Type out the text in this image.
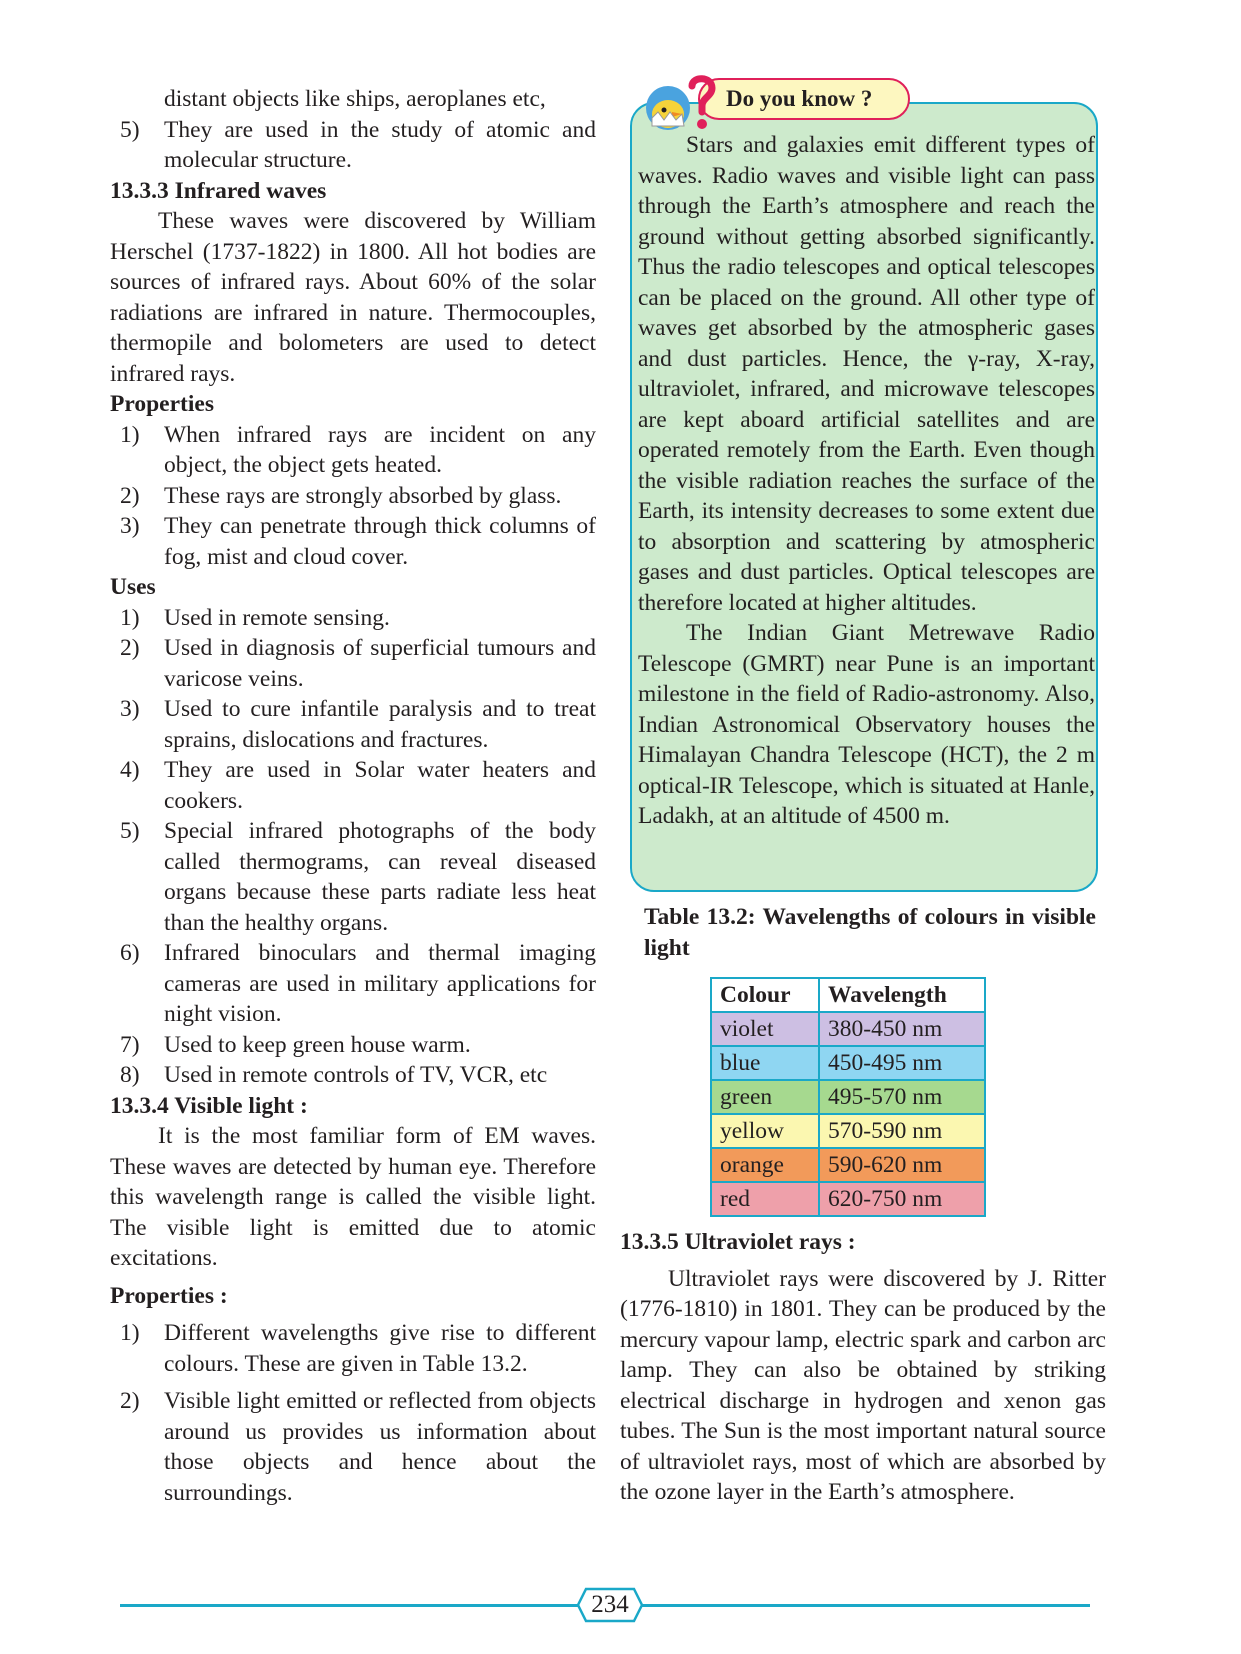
distant objects like ships, aeroplanes etc,

5)	They are used in the study of atomic and molecular structure.

13.3.3 Infrared waves

These waves were discovered by William Herschel (1737-1822) in 1800. All hot bodies are sources of infrared rays. About 60% of the solar radiations are infrared in nature. Thermocouples, thermopile and bolometers are used to detect infrared rays.

Properties

1)	When infrared rays are incident on any object, the object gets heated.
2)	These rays are strongly absorbed by glass.
3)	They can penetrate through thick columns of fog, mist and cloud cover.

Uses

1)	Used in remote sensing.
2)	Used in diagnosis of superficial tumours and varicose veins.
3)	Used to cure infantile paralysis and to treat sprains, dislocations and fractures.
4)	They are used in Solar water heaters and cookers.
5)	Special infrared photographs of the body called thermograms, can reveal diseased organs because these parts radiate less heat than the healthy organs.
6)	Infrared binoculars and thermal imaging cameras are used in military applications for night vision.
7)	Used to keep green house warm.
8)	Used in remote controls of TV, VCR, etc

13.3.4 Visible light :

It is the most familiar form of EM waves. These waves are detected by human eye. Therefore this wavelength range is called the visible light. The visible light is emitted due to atomic excitations.

Properties :

1)	Different wavelengths give rise to different colours. These are given in Table 13.2.
2)	Visible light emitted or reflected from objects around us provides us information about those objects and hence about the surroundings.
Do you know ?

Stars and galaxies emit different types of waves. Radio waves and visible light can pass through the Earth’s atmosphere and reach the ground without getting absorbed significantly. Thus the radio telescopes and optical telescopes can be placed on the ground. All other type of waves get absorbed by the atmospheric gases and dust particles. Hence, the γ-ray, X-ray, ultraviolet, infrared, and microwave telescopes are kept aboard artificial satellites and are operated remotely from the Earth. Even though the visible radiation reaches the surface of the Earth, its intensity decreases to some extent due to absorption and scattering by atmospheric gases and dust particles. Optical telescopes are therefore located at higher altitudes.

The Indian Giant Metrewave Radio Telescope (GMRT) near Pune is an important milestone in the field of Radio-astronomy. Also, Indian Astronomical Observatory houses the Himalayan Chandra Telescope (HCT), the 2 m optical-IR Telescope, which is situated at Hanle, Ladakh, at an altitude of 4500 m.

Table 13.2: Wavelengths of colours in visible light

Colour	Wavelength
violet	380-450 nm
blue	450-495 nm
green	495-570 nm
yellow	570-590 nm
orange	590-620 nm
red	620-750 nm

13.3.5 Ultraviolet rays :

Ultraviolet rays were discovered by J. Ritter (1776-1810) in 1801. They can be produced by the mercury vapour lamp, electric spark and carbon arc lamp. They can also be obtained by striking electrical discharge in hydrogen and xenon gas tubes. The Sun is the most important natural source of ultraviolet rays, most of which are absorbed by the ozone layer in the Earth’s atmosphere.

234
